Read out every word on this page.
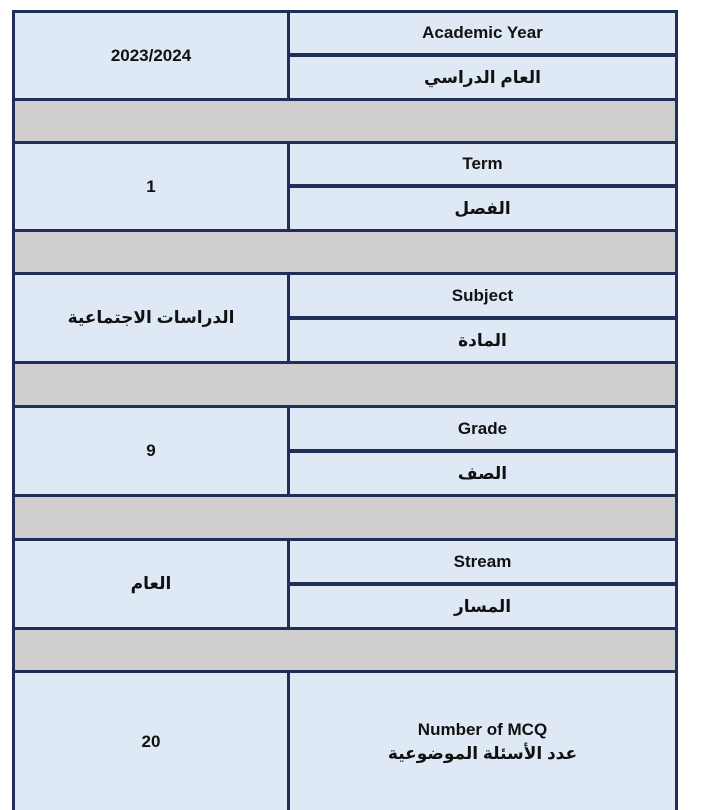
2023/2024
Academic Year
العام الدراسي
1
Term
الفصل
الدراسات الاجتماعية
Subject
المادة
9
Grade
الصف
العام
Stream
المسار
20
Number of MCQ
عدد الأسئلة الموضوعية
